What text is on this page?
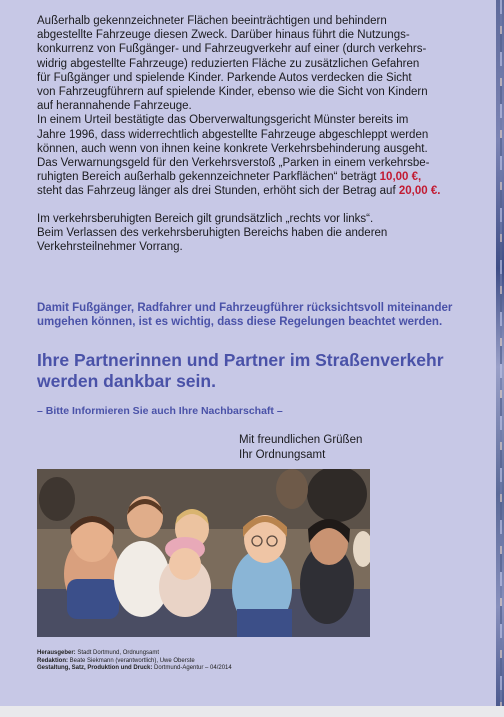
Außerhalb gekennzeichneter Flächen beeinträchtigen und behindern

abgestellte Fahrzeuge diesen Zweck. Darüber hinaus führt die Nutzungs-

konkurrenz von Fußgänger- und Fahrzeugverkehr auf einer (durch verkehrs-

widrig abgestellte Fahrzeuge) reduzierten Fläche zu zusätzlichen Gefahren

für Fußgänger und spielende Kinder. Parkende Autos verdecken die Sicht

von Fahrzeugführern auf spielende Kinder, ebenso wie die Sicht von Kindern

auf herannahende Fahrzeuge.

In einem Urteil bestätigte das Oberverwaltungsgericht Münster bereits im

Jahre 1996, dass widerrechtlich abgestellte Fahrzeuge abgeschleppt werden

können, auch wenn von ihnen keine konkrete Verkehrsbehinderung ausgeht.

Das Verwarnungsgeld für den Verkehrsverstoß „Parken in einem verkehrsbe-

ruhigten Bereich außerhalb gekennzeichneter Parkflächen“ beträgt 10,00 €,

steht das Fahrzeug länger als drei Stunden, erhöht sich der Betrag auf 20,00 €.

Im verkehrsberuhigten Bereich gilt grundsätzlich „rechts vor links“.

Beim Verlassen des verkehrsberuhigten Bereichs haben die anderen

Verkehrsteilnehmer Vorrang.

Damit Fußgänger, Radfahrer und Fahrzeugführer rücksichtsvoll miteinander
umgehen können, ist es wichtig, dass diese Regelungen beachtet werden.
Ihre Partnerinnen und Partner im Straßenverkehr
werden dankbar sein.
– Bitte Informieren Sie auch Ihre Nachbarschaft –
Mit freundlichen Grüßen
Ihr Ordnungsamt
Herausgeber: Stadt Dortmund, Ordnungsamt
Redaktion: Beate Siekmann (verantwortlich), Uwe Oberste
Gestaltung, Satz, Produktion und Druck: Dortmund-Agentur – 04/2014
